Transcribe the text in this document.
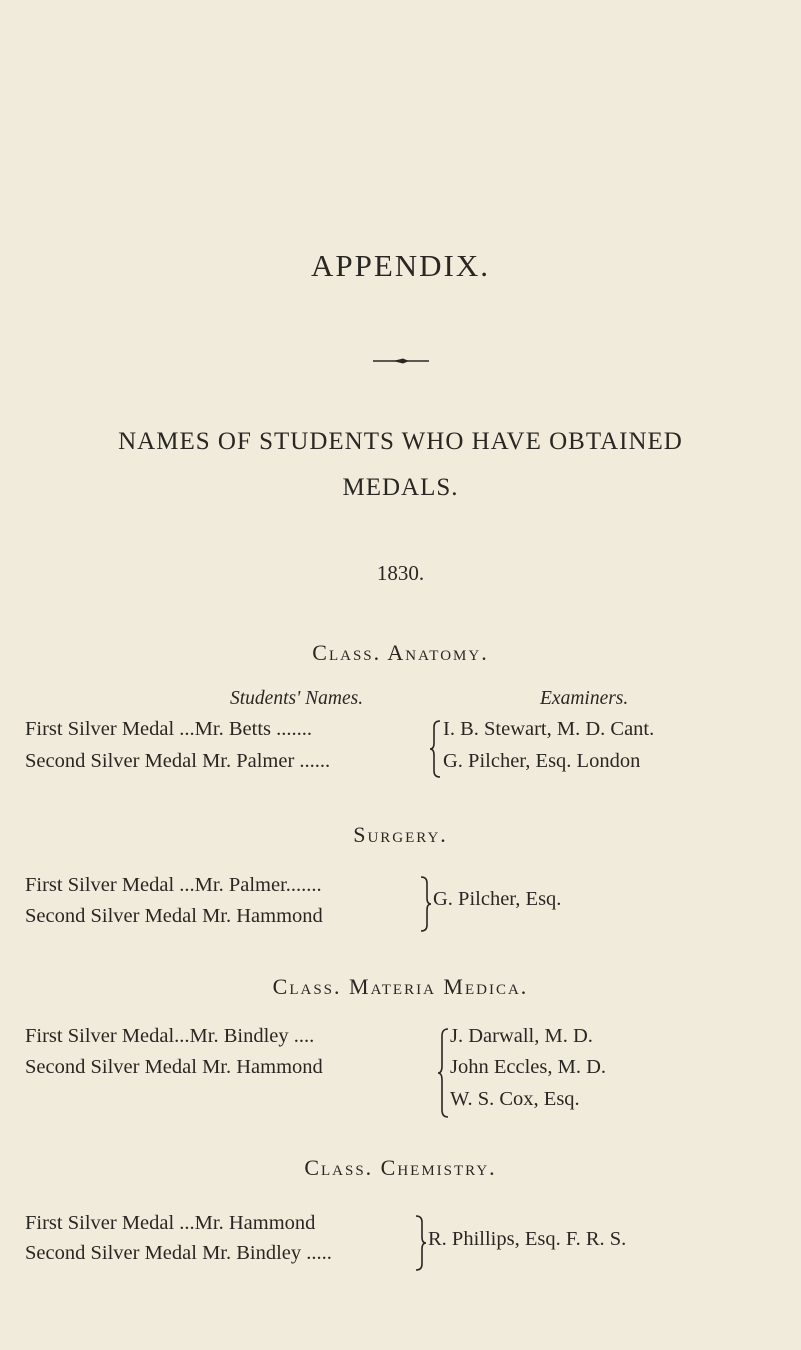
APPENDIX.
NAMES OF STUDENTS WHO HAVE OBTAINED
MEDALS.
1830.
Class. Anatomy.
Students' Names.	Examiners.
First Silver Medal ...Mr. Betts .......
Second Silver Medal Mr. Palmer ......
I. B. Stewart, M. D. Cant.
G. Pilcher, Esq. London
Surgery.
First Silver Medal ...Mr. Palmer.......
Second Silver Medal Mr. Hammond
G. Pilcher, Esq.
Class. Materia Medica.
First Silver Medal...Mr. Bindley ....
Second Silver Medal Mr. Hammond
J. Darwall, M. D.
John Eccles, M. D.
W. S. Cox, Esq.
Class. Chemistry.
First Silver Medal ...Mr. Hammond
Second Silver Medal Mr. Bindley .....
R. Phillips, Esq. F. R. S.
